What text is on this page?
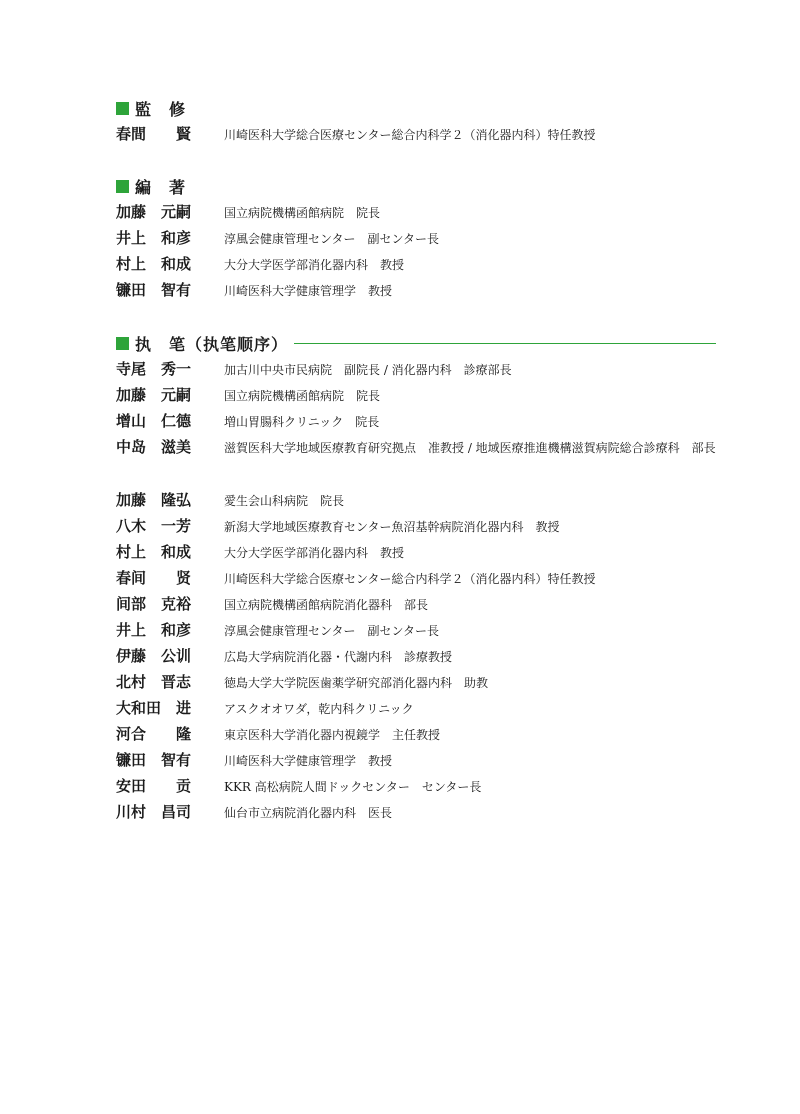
監　修
春間　　賢	川崎医科大学総合医療センター総合内科学２（消化器内科）特任教授
編　著
加藤　元嗣	国立病院機構函館病院　院長
井上　和彦	淳風会健康管理センター　副センター長
村上　和成	大分大学医学部消化器内科　教授
镰田　智有	川崎医科大学健康管理学　教授
执　笔（执笔顺序）
寺尾　秀一	加古川中央市民病院　副院長 / 消化器内科　診療部長
加藤　元嗣	国立病院機構函館病院　院長
增山　仁德	増山胃腸科クリニック　院長
中岛　滋美	滋賀医科大学地域医療教育研究拠点　准教授 / 地域医療推進機構滋賀病院総合診療科　部長
加藤　隆弘	愛生会山科病院　院長
八木　一芳	新潟大学地域医療教育センター魚沼基幹病院消化器内科　教授
村上　和成	大分大学医学部消化器内科　教授
春间　　贤	川崎医科大学総合医療センター総合内科学２（消化器内科）特任教授
间部　克裕	国立病院機構函館病院消化器科　部長
井上　和彦	淳風会健康管理センター　副センター長
伊藤　公训	広島大学病院消化器・代謝内科　診療教授
北村　晋志	徳島大学大学院医歯薬学研究部消化器内科　助教
大和田　进	アスクオオワダ，乾内科クリニック
河合　　隆	東京医科大学消化器内視鏡学　主任教授
镰田　智有	川崎医科大学健康管理学　教授
安田　　贡	KKR 高松病院人間ドックセンター　センター長
川村　昌司	仙台市立病院消化器内科　医長
